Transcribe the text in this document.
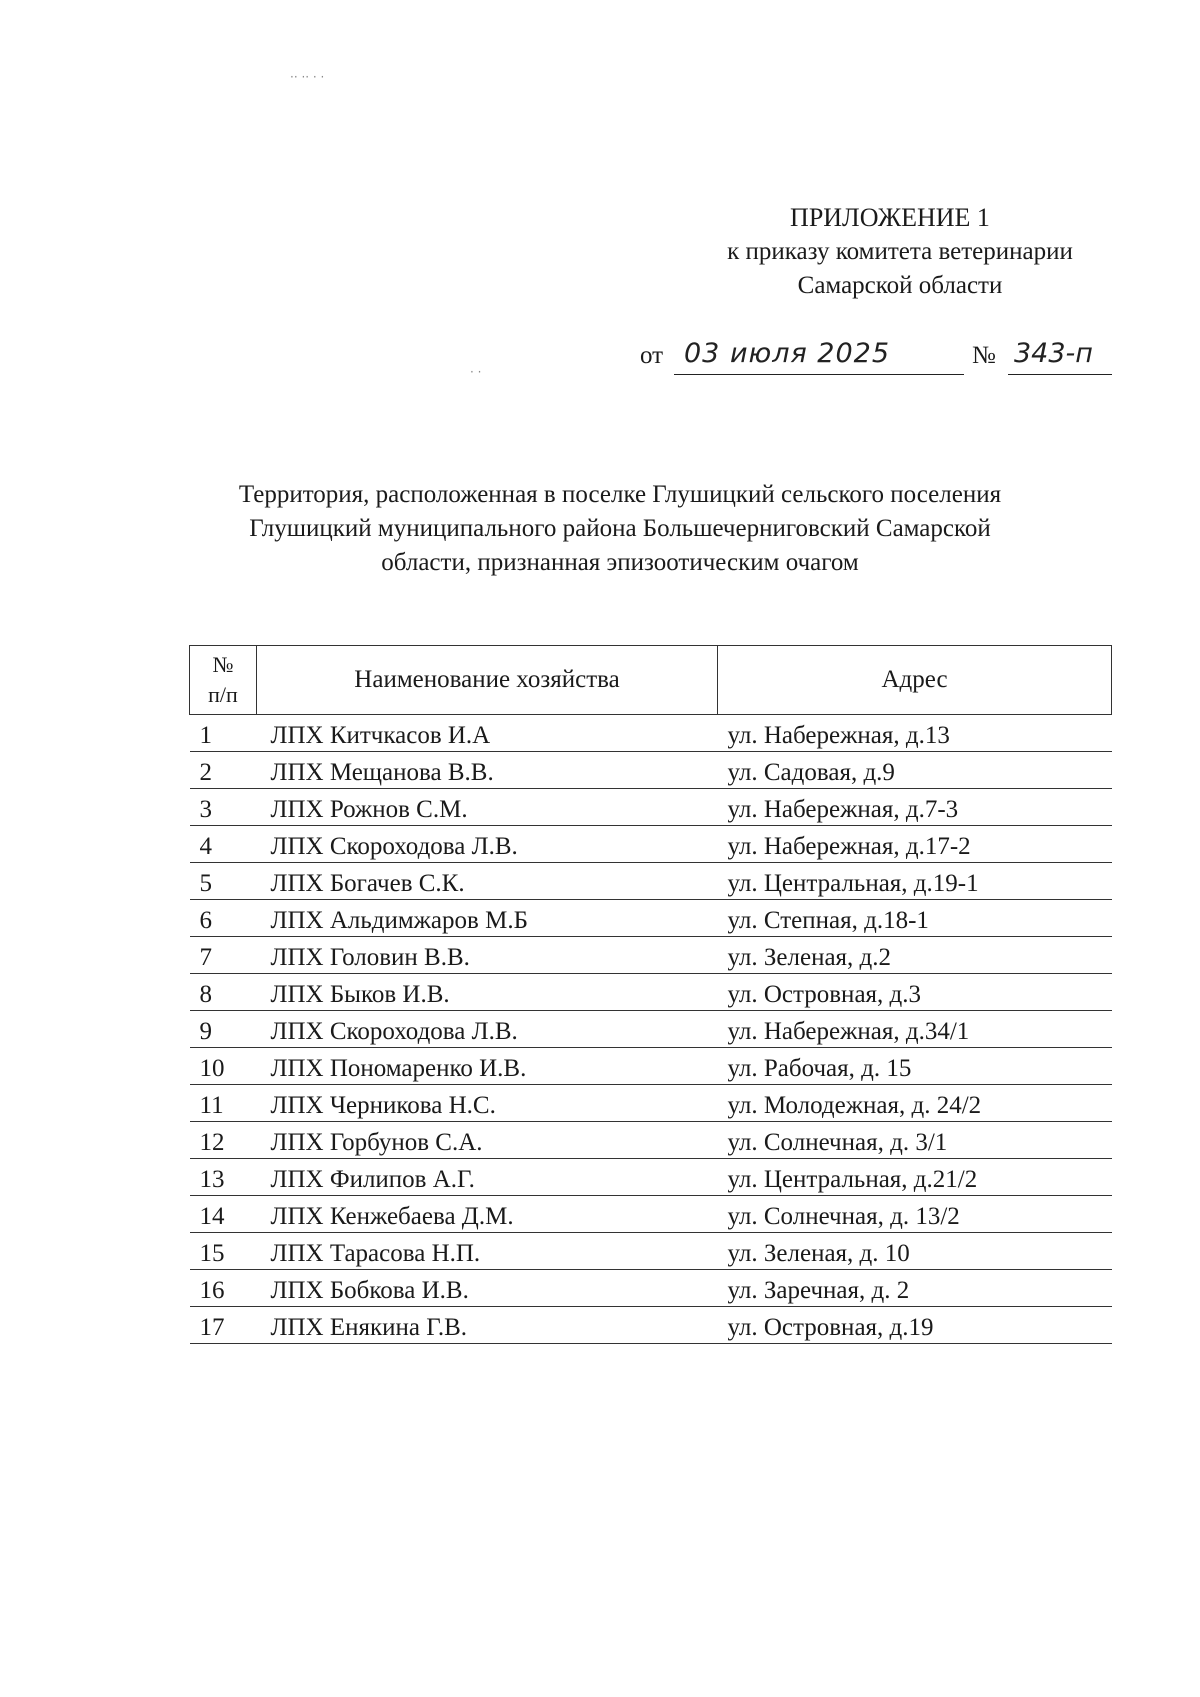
·· ·· · ·
· ·
ПРИЛОЖЕНИЕ 1
к приказу комитета ветеринарии
Самарской области
от 03 июля 2025	№ 343-п
Территория, расположенная в поселке Глушицкий сельского поселения
Глушицкий муниципального района Большечерниговский Самарской
области, признанная эпизоотическим очагом
№
п/п	Наименование хозяйства	Адрес
1	ЛПХ Китчкасов И.А	ул. Набережная, д.13
2	ЛПХ Мещанова В.В.	ул. Садовая, д.9
3	ЛПХ Рожнов С.М.	ул. Набережная, д.7-3
4	ЛПХ Скороходова Л.В.	ул. Набережная, д.17-2
5	ЛПХ Богачев С.К.	ул. Центральная, д.19-1
6	ЛПХ Альдимжаров М.Б	ул. Степная, д.18-1
7	ЛПХ Головин В.В.	ул. Зеленая, д.2
8	ЛПХ Быков И.В.	ул. Островная, д.3
9	ЛПХ Скороходова Л.В.	ул. Набережная, д.34/1
10	ЛПХ Пономаренко И.В.	ул. Рабочая, д. 15
11	ЛПХ Черникова Н.С.	ул. Молодежная, д. 24/2
12	ЛПХ Горбунов С.А.	ул. Солнечная, д. 3/1
13	ЛПХ Филипов А.Г.	ул. Центральная, д.21/2
14	ЛПХ Кенжебаева Д.М.	ул. Солнечная, д. 13/2
15	ЛПХ Тарасова Н.П.	ул. Зеленая, д. 10
16	ЛПХ Бобкова И.В.	ул. Заречная, д. 2
17	ЛПХ Енякина Г.В.	ул. Островная, д.19
